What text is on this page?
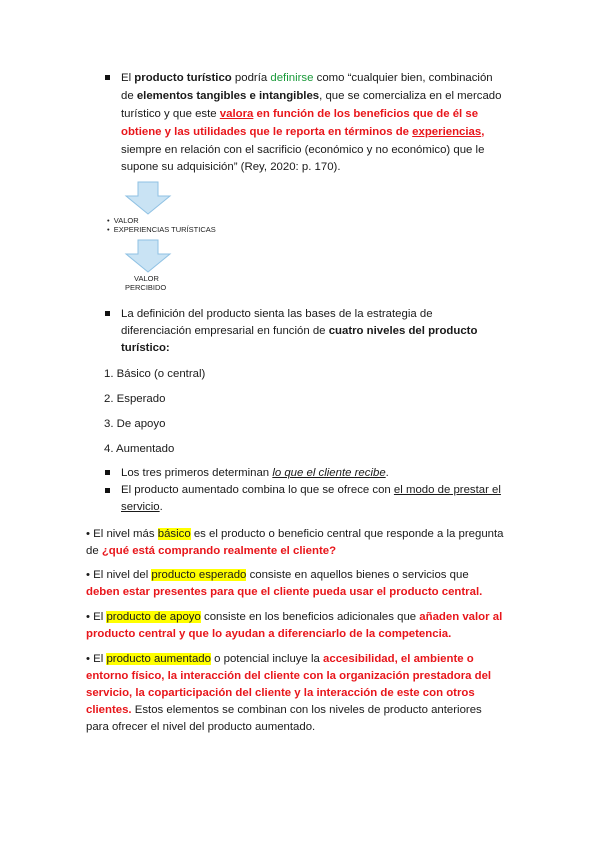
El producto turístico podría definirse como “cualquier bien, combinación
de elementos tangibles e intangibles, que se comercializa en el mercado
turístico y que este valora en función de los beneficios que de él se
obtiene y las utilidades que le reporta en términos de experiencias,
siempre en relación con el sacrificio (económico y no económico) que le
supone su adquisición” (Rey, 2020: p. 170).
•  VALOR
•  EXPERIENCIAS TURÍSTICAS
VALOR
PERCIBIDO
La definición del producto sienta las bases de la estrategia de
diferenciación empresarial en función de cuatro niveles del producto
turístico:
1. Básico (o central)
2. Esperado
3. De apoyo
4. Aumentado
Los tres primeros determinan lo que el cliente recibe.
El producto aumentado combina lo que se ofrece con el modo de prestar el
servicio.
• El nivel más básico es el producto o beneficio central que responde a la pregunta
de ¿qué está comprando realmente el cliente?
• El nivel del producto esperado consiste en aquellos bienes o servicios que
deben estar presentes para que el cliente pueda usar el producto central.
• El producto de apoyo consiste en los beneficios adicionales que añaden valor al
producto central y que lo ayudan a diferenciarlo de la competencia.
• El producto aumentado o potencial incluye la accesibilidad, el ambiente o
entorno físico, la interacción del cliente con la organización prestadora del
servicio, la coparticipación del cliente y la interacción de este con otros
clientes. Estos elementos se combinan con los niveles de producto anteriores
para ofrecer el nivel del producto aumentado.
